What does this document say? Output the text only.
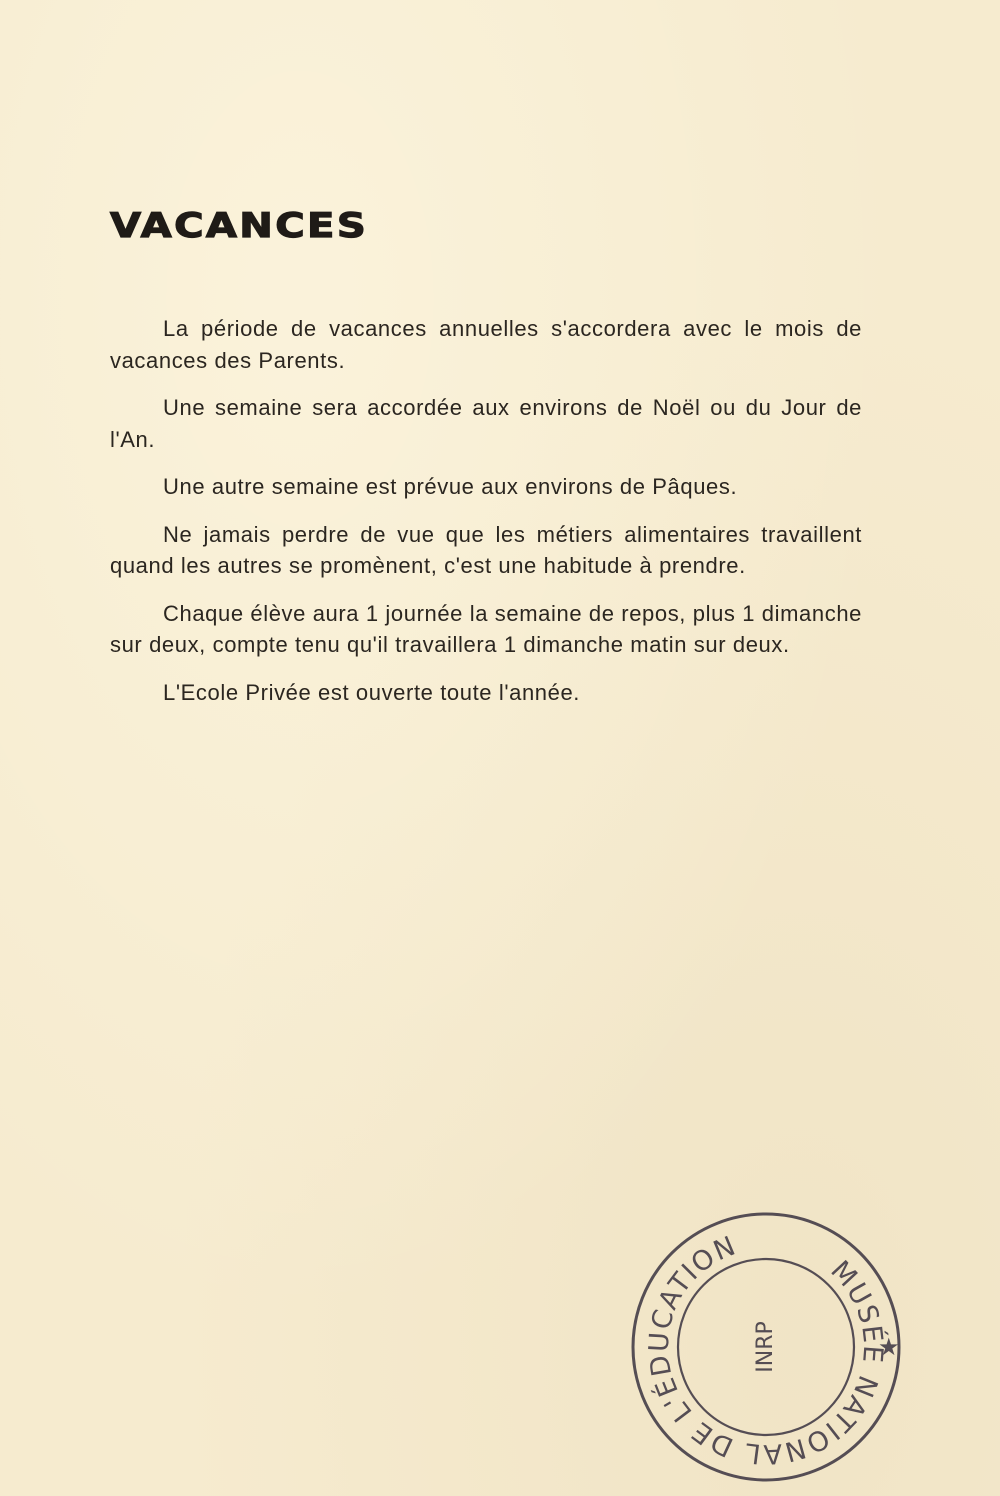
VACANCES

La période de vacances annuelles s'accordera avec le mois de vacances des Parents.

Une semaine sera accordée aux environs de Noël ou du Jour de l'An.

Une autre semaine est prévue aux environs de Pâques.

Ne jamais perdre de vue que les métiers alimentaires travaillent quand les autres se promènent, c'est une habitude à prendre.

Chaque élève aura 1 journée la semaine de repos, plus 1 dimanche sur deux, compte tenu qu'il travaillera 1 dimanche matin sur deux.

L'Ecole Privée est ouverte toute l'année.

MUSÉE NATIONAL DE L'ÉDUCATION
★
INRP
